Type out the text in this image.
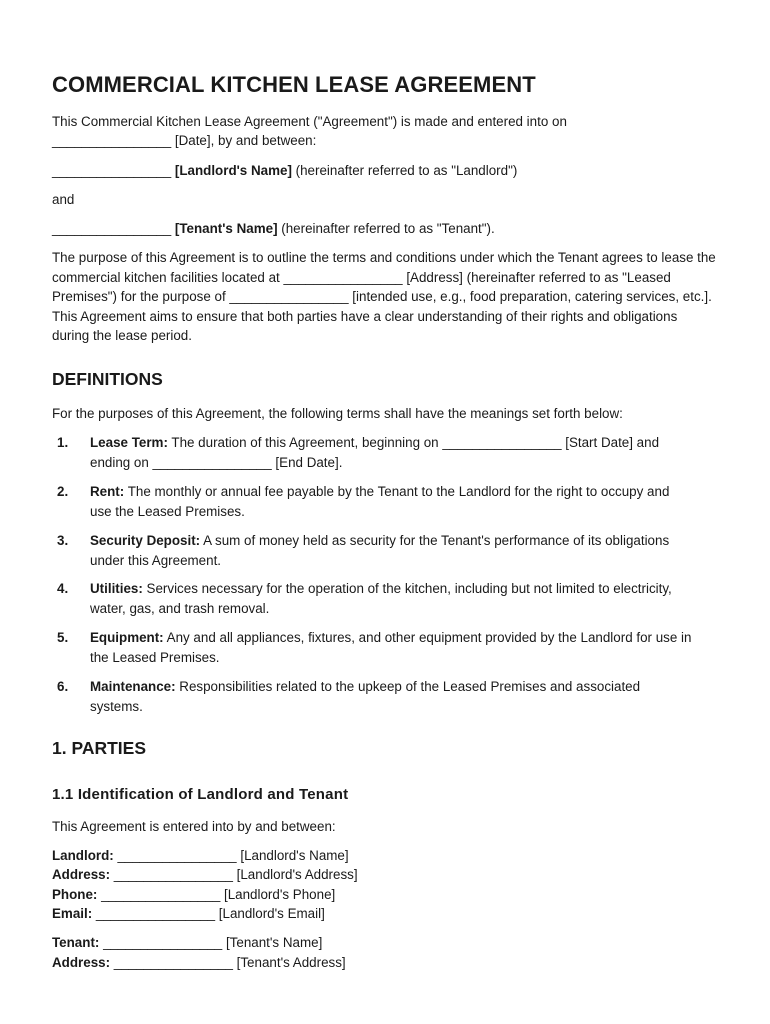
COMMERCIAL KITCHEN LEASE AGREEMENT

This Commercial Kitchen Lease Agreement ("Agreement") is made and entered into on

________________ [Date], by and between:

________________ [Landlord's Name] (hereinafter referred to as "Landlord")

and

________________ [Tenant's Name] (hereinafter referred to as "Tenant").

The purpose of this Agreement is to outline the terms and conditions under which the Tenant agrees to lease the commercial kitchen facilities located at ________________ [Address] (hereinafter referred to as "Leased Premises") for the purpose of ________________ [intended use, e.g., food preparation, catering services, etc.]. This Agreement aims to ensure that both parties have a clear understanding of their rights and obligations during the lease period.

DEFINITIONS

For the purposes of this Agreement, the following terms shall have the meanings set forth below:

1. Lease Term: The duration of this Agreement, beginning on ________________ [Start Date] and ending on ________________ [End Date].
2. Rent: The monthly or annual fee payable by the Tenant to the Landlord for the right to occupy and use the Leased Premises.
3. Security Deposit: A sum of money held as security for the Tenant's performance of its obligations under this Agreement.
4. Utilities: Services necessary for the operation of the kitchen, including but not limited to electricity, water, gas, and trash removal.
5. Equipment: Any and all appliances, fixtures, and other equipment provided by the Landlord for use in the Leased Premises.
6. Maintenance: Responsibilities related to the upkeep of the Leased Premises and associated systems.
1. PARTIES
1.1 Identification of Landlord and Tenant

This Agreement is entered into by and between:

Landlord: ________________ [Landlord's Name]
Address: ________________ [Landlord's Address]
Phone: ________________ [Landlord's Phone]
Email: ________________ [Landlord's Email]
Tenant: ________________ [Tenant's Name]
Address: ________________ [Tenant's Address]
